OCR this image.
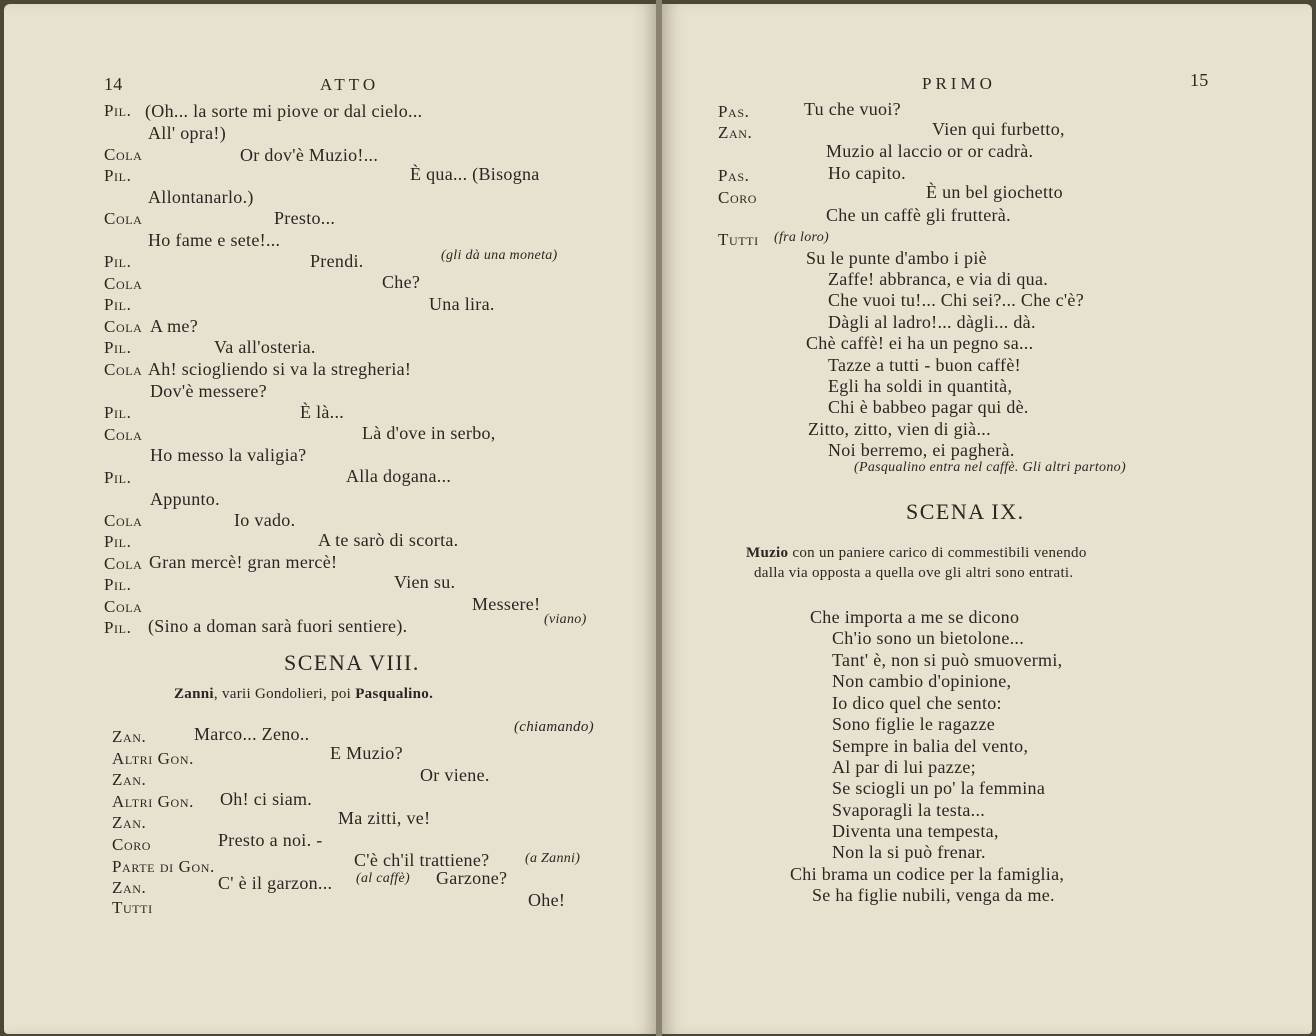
14	ATTO
Pil. (Oh... la sorte mi piove or dal cielo...
All' opra!)
Cola	Or dov'è Muzio!...
Pil.	È qua... (Bisogna
Allontanarlo.)
Cola	Presto...
Ho fame e sete!...
Pil.	Prendi.	(gli dà una moneta)
Cola	Che?
Pil.	Una lira.
Cola A me?
Pil.	Va all'osteria.
Cola Ah! sciogliendo si va la stregheria!
Dov'è messere?
Pil.	È là...
Cola	Là d'ove in serbo,
Ho messo la valigia?
Pil.	Alla dogana...
Appunto.
Cola	Io vado.
Pil.	A te sarò di scorta.
Cola Gran mercè! gran mercè!
Pil.	Vien su.
Cola	Messere!
Pil. (Sino a doman sarà fuori sentiere).	(viano)
SCENA VIII.
Zanni, varii Gondolieri, poi Pasqualino.
Zan.	Marco... Zeno..	(chiamando)
Altri Gon.	E Muzio?
Zan.	Or viene.
Altri Gon. Oh! ci siam.
Zan.	Ma zitti, ve!
Coro	Presto a noi. -
Parte di Gon.	C'è ch'il trattiene?	(a Zanni)
Zan.	C' è il garzon... (al caffè) Garzone?
Tutti	Ohe!
PRIMO	15
Pas.	Tu che vuoi?
Zan.	Vien qui furbetto,
Muzio al laccio or or cadrà.
Pas.	Ho capito.
Coro	È un bel giochetto
Che un caffè gli frutterà.
Tutti (fra loro)
Su le punte d'ambo i piè
Zaffe! abbranca, e via di qua.
Che vuoi tu!... Chi sei?... Che c'è?
Dàgli al ladro!... dàgli... dà.
Chè caffè! ei ha un pegno sa...
Tazze a tutti - buon caffè!
Egli ha soldi in quantità,
Chi è babbeo pagar qui dè.
Zitto, zitto, vien di già...
Noi berremo, ei pagherà.
(Pasqualino entra nel caffè. Gli altri partono)
SCENA IX.
Muzio con un paniere carico di commestibili venendo
dalla via opposta a quella ove gli altri sono entrati.
Che importa a me se dicono
Ch'io sono un bietolone...
Tant' è, non si può smuovermi,
Non cambio d'opinione,
Io dico quel che sento:
Sono figlie le ragazze
Sempre in balia del vento,
Al par di lui pazze;
Se sciogli un po' la femmina
Svaporagli la testa...
Diventa una tempesta,
Non la si può frenar.
Chi brama un codice per la famiglia,
Se ha figlie nubili, venga da me.
